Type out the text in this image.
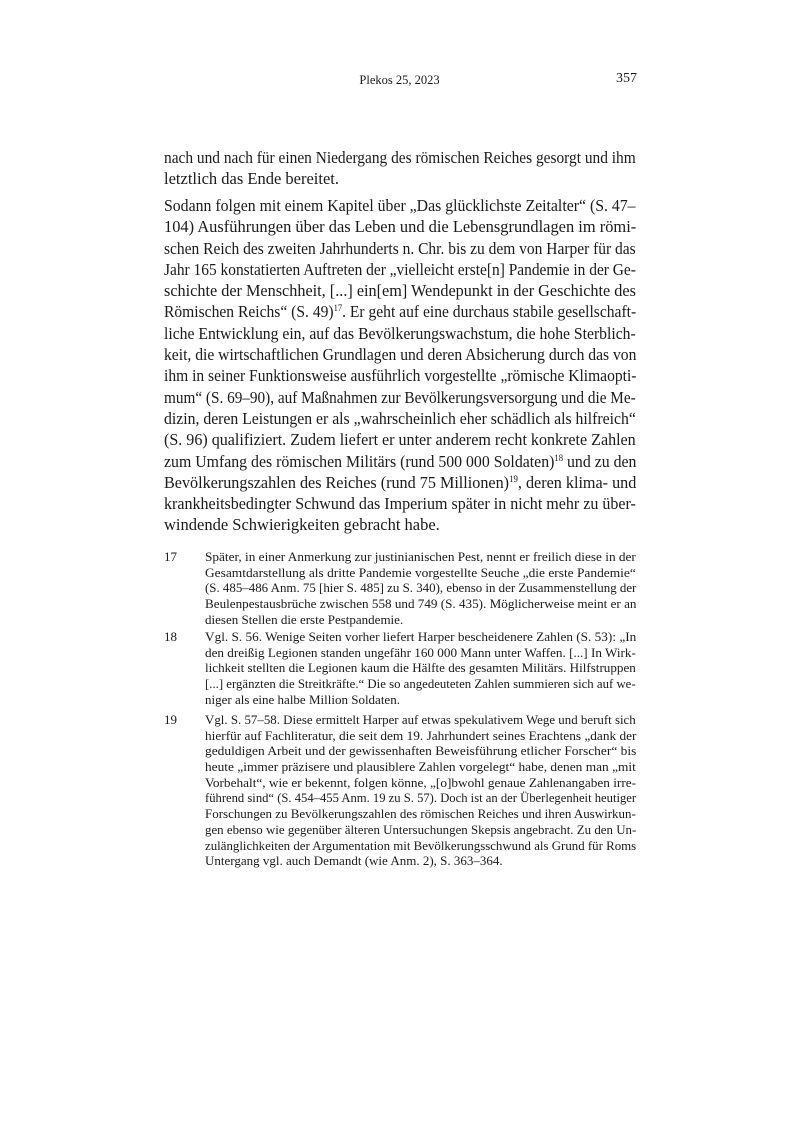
Plekos 25, 2023	357
nach und nach für einen Niedergang des römischen Reiches gesorgt und ihm
letztlich das Ende bereitet.
Sodann folgen mit einem Kapitel über „Das glücklichste Zeitalter“ (S. 47–
104) Ausführungen über das Leben und die Lebensgrundlagen im römi-
schen Reich des zweiten Jahrhunderts n. Chr. bis zu dem von Harper für das
Jahr 165 konstatierten Auftreten der „vielleicht erste[n] Pandemie in der Ge-
schichte der Menschheit, [...] ein[em] Wendepunkt in der Geschichte des
Römischen Reichs“ (S. 49)$^{17}$. Er geht auf eine durchaus stabile gesellschaft-
liche Entwicklung ein, auf das Bevölkerungswachstum, die hohe Sterblich-
keit, die wirtschaftlichen Grundlagen und deren Absicherung durch das von
ihm in seiner Funktionsweise ausführlich vorgestellte „römische Klimaopti-
mum“ (S. 69–90), auf Maßnahmen zur Bevölkerungsversorgung und die Me-
dizin, deren Leistungen er als „wahrscheinlich eher schädlich als hilfreich“
(S. 96) qualifiziert. Zudem liefert er unter anderem recht konkrete Zahlen
zum Umfang des römischen Militärs (rund 500 000 Soldaten)$^{18}$ und zu den
Bevölkerungszahlen des Reiches (rund 75 Millionen)$^{19}$, deren klima- und
krankheitsbedingter Schwund das Imperium später in nicht mehr zu über-
windende Schwierigkeiten gebracht habe.
17 Später, in einer Anmerkung zur justinianischen Pest, nennt er freilich diese in der
Gesamtdarstellung als dritte Pandemie vorgestellte Seuche „die erste Pandemie“
(S. 485–486 Anm. 75 [hier S. 485] zu S. 340), ebenso in der Zusammenstellung der
Beulenpestausbrüche zwischen 558 und 749 (S. 435). Möglicherweise meint er an
diesen Stellen die erste Pestpandemie.
18 Vgl. S. 56. Wenige Seiten vorher liefert Harper bescheidenere Zahlen (S. 53): „In
den dreißig Legionen standen ungefähr 160 000 Mann unter Waffen. [...] In Wirk-
lichkeit stellten die Legionen kaum die Hälfte des gesamten Militärs. Hilfstruppen
[...] ergänzten die Streitkräfte.“ Die so angedeuteten Zahlen summieren sich auf we-
niger als eine halbe Million Soldaten.
19 Vgl. S. 57–58. Diese ermittelt Harper auf etwas spekulativem Wege und beruft sich
hierfür auf Fachliteratur, die seit dem 19. Jahrhundert seines Erachtens „dank der
geduldigen Arbeit und der gewissenhaften Beweisführung etlicher Forscher“ bis
heute „immer präzisere und plausiblere Zahlen vorgelegt“ habe, denen man „mit
Vorbehalt“, wie er bekennt, folgen könne, „[o]bwohl genaue Zahlenangaben irre-
führend sind“ (S. 454–455 Anm. 19 zu S. 57). Doch ist an der Überlegenheit heutiger
Forschungen zu Bevölkerungszahlen des römischen Reiches und ihren Auswirkun-
gen ebenso wie gegenüber älteren Untersuchungen Skepsis angebracht. Zu den Un-
zulänglichkeiten der Argumentation mit Bevölkerungsschwund als Grund für Roms
Untergang vgl. auch Demandt (wie Anm. 2), S. 363–364.
